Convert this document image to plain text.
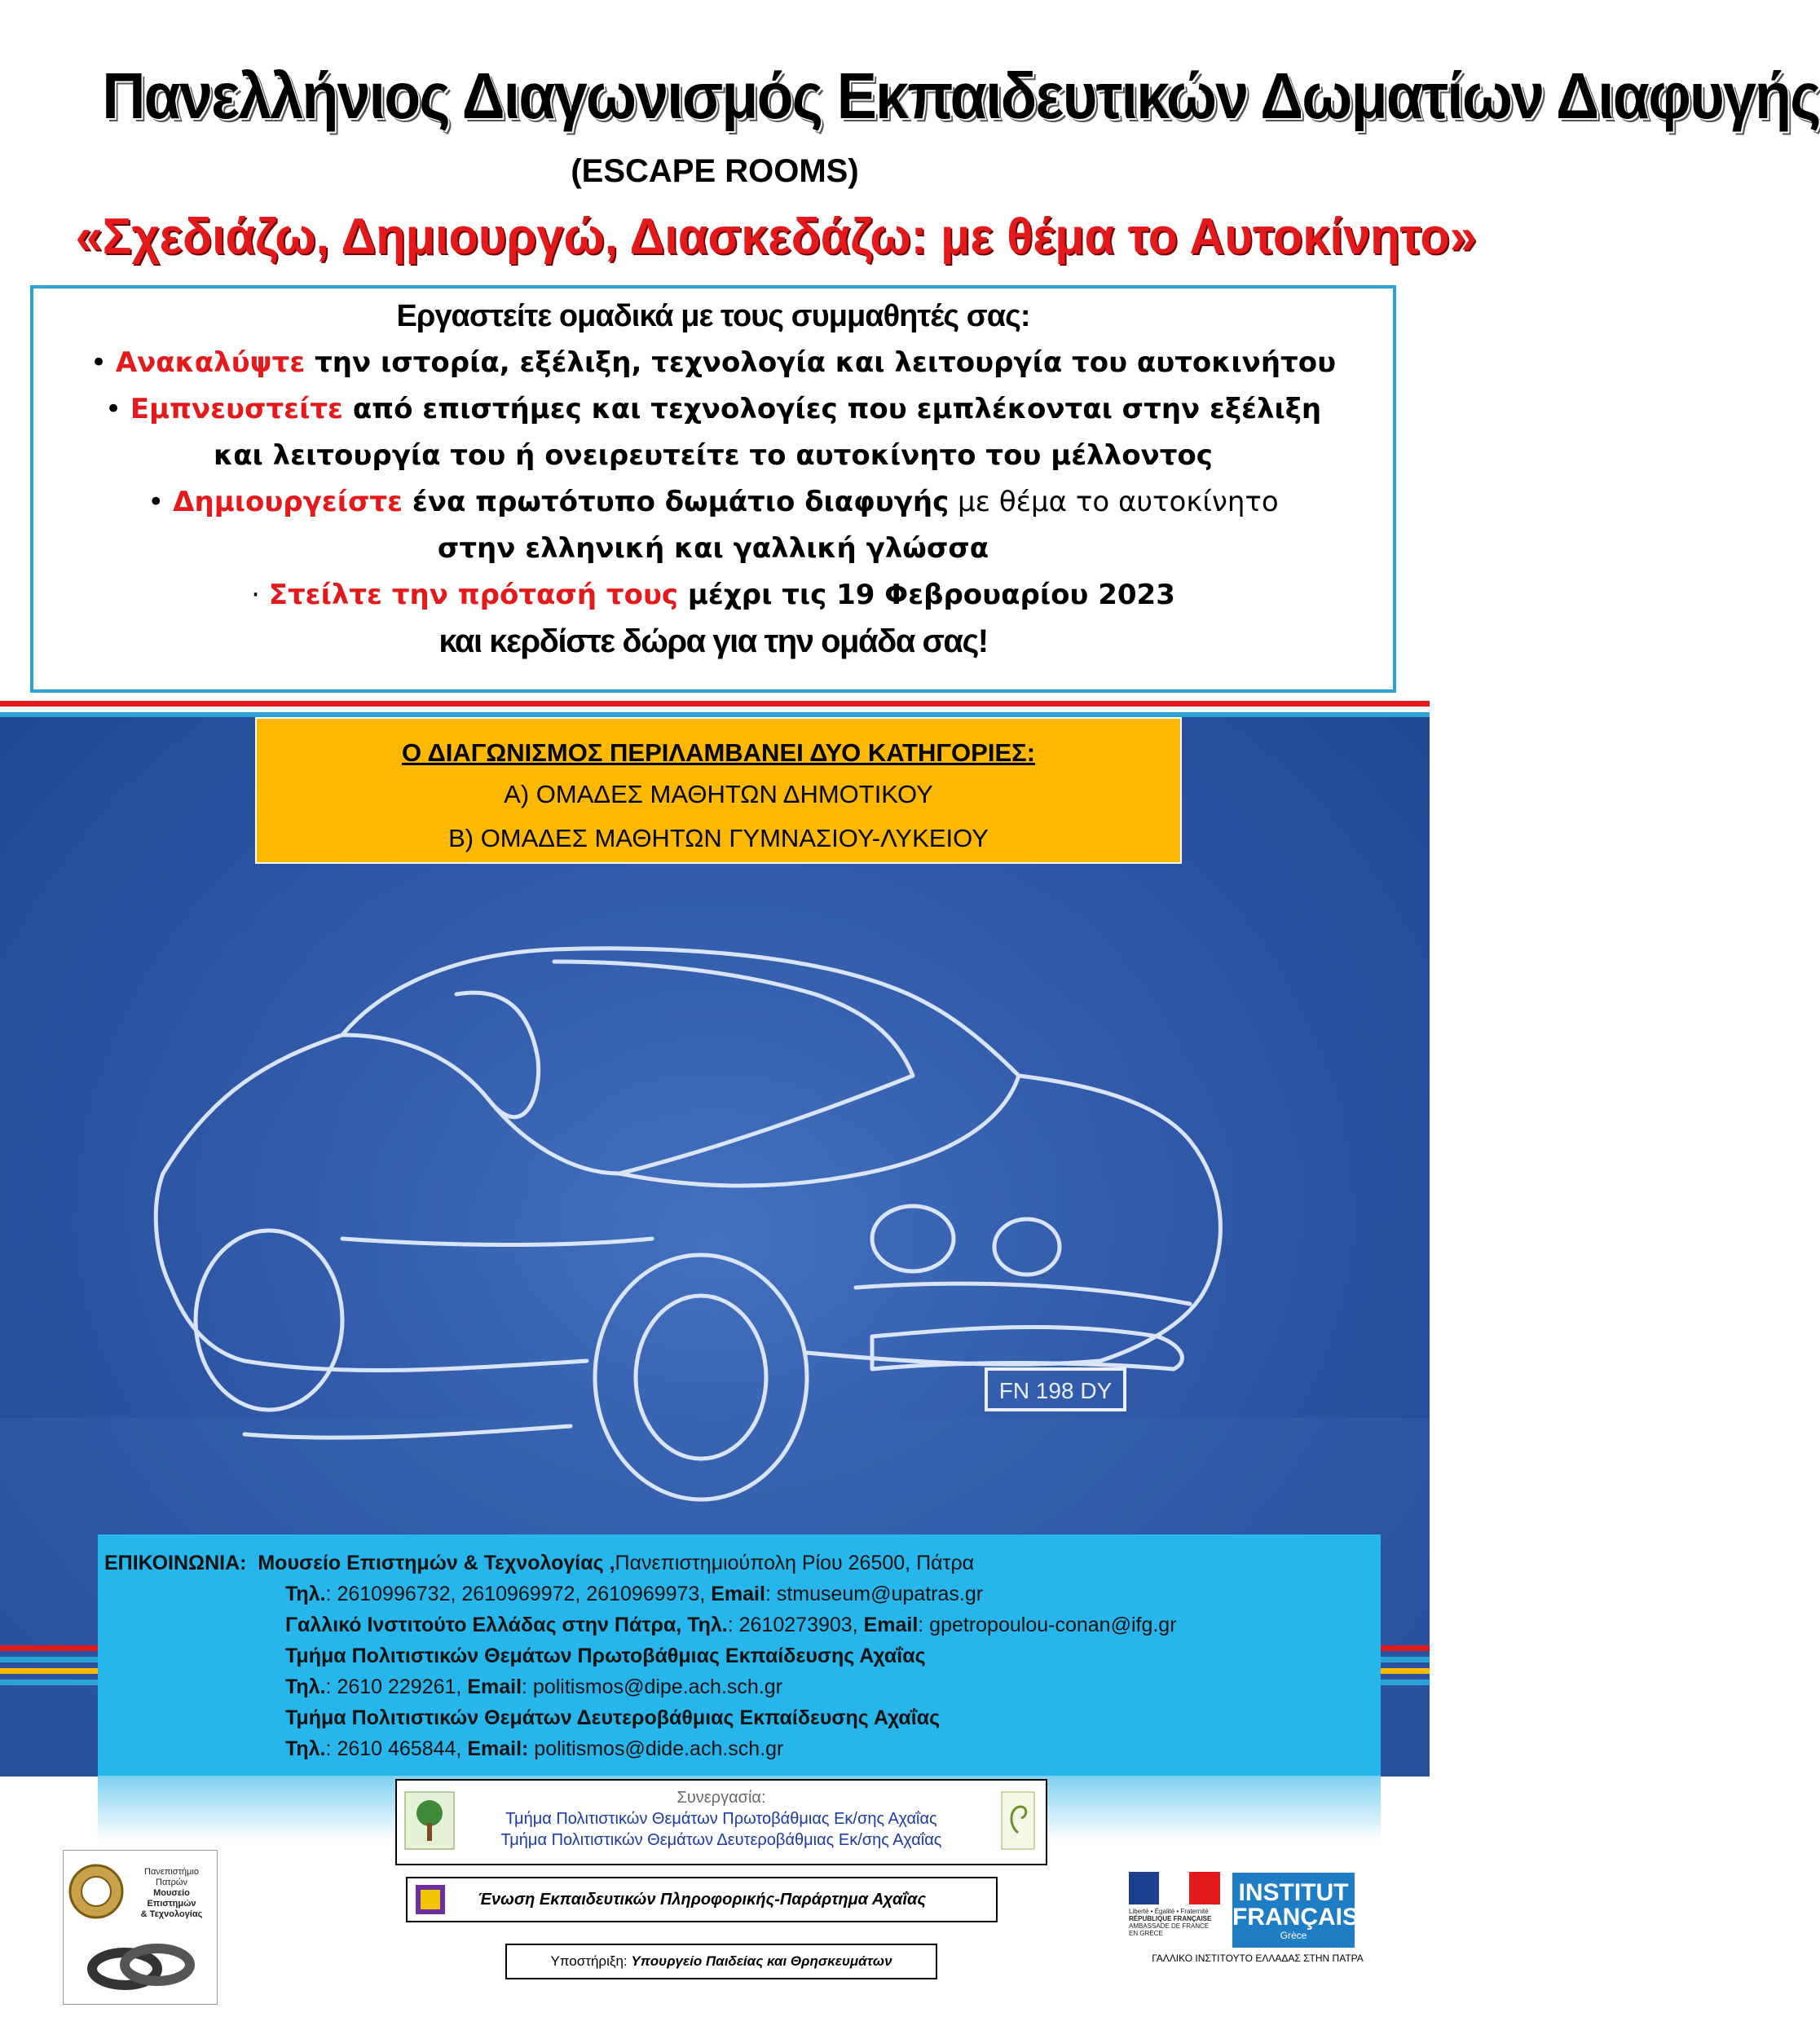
Πανελλήνιος Διαγωνισμός Εκπαιδευτικών Δωματίων Διαφυγής
(ESCAPE ROOMS)
«Σχεδιάζω, Δημιουργώ, Διασκεδάζω: με θέμα το Αυτοκίνητο»
Εργαστείτε ομαδικά με τους συμμαθητές σας:
• Ανακαλύψτε την ιστορία, εξέλιξη, τεχνολογία και λειτουργία του αυτοκινήτου
• Εμπνευστείτε από επιστήμες και τεχνολογίες που εμπλέκονται στην εξέλιξη
και λειτουργία του ή ονειρευτείτε το αυτοκίνητο του μέλλοντος
• Δημιουργείστε ένα πρωτότυπο δωμάτιο διαφυγής με θέμα το αυτοκίνητο
στην ελληνική και γαλλική γλώσσα
· Στείλτε την πρότασή τους μέχρι τις 19 Φεβρουαρίου 2023
και κερδίστε δώρα για την ομάδα σας!
FN 198 DY
Ο ΔΙΑΓΩΝΙΣΜΟΣ ΠΕΡΙΛΑΜΒΑΝΕΙ ΔΥΟ ΚΑΤΗΓΟΡΙΕΣ:
Α) ΟΜΑΔΕΣ ΜΑΘΗΤΩΝ ΔΗΜΟΤΙΚΟΥ
Β) ΟΜΑΔΕΣ ΜΑΘΗΤΩΝ ΓΥΜΝΑΣΙΟΥ-ΛΥΚΕΙΟΥ
ΕΠΙΚΟΙΝΩΝΙΑ: Μουσείο Επιστημών & Τεχνολογίας ,Πανεπιστημιούπολη Ρίου 26500, Πάτρα
Τηλ.: 2610996732, 2610969972, 2610969973, Email: stmuseum@upatras.gr
Γαλλικό Ινστιτούτο Ελλάδας στην Πάτρα, Τηλ.: 2610273903, Email: gpetropoulou-conan@ifg.gr
Τμήμα Πολιτιστικών Θεμάτων Πρωτοβάθμιας Εκπαίδευσης Αχαΐας
Τηλ.: 2610 229261, Email: politismos@dipe.ach.sch.gr
Τμήμα Πολιτιστικών Θεμάτων Δευτεροβάθμιας Εκπαίδευσης Αχαΐας
Τηλ.: 2610 465844, Email: politismos@dide.ach.sch.gr
Συνεργασία:
Τμήμα Πολιτιστικών Θεμάτων Πρωτοβάθμιας Εκ/σης Αχαΐας
Τμήμα Πολιτιστικών Θεμάτων Δευτεροβάθμιας Εκ/σης Αχαΐας
Ένωση Εκπαιδευτικών Πληροφορικής-Παράρτημα Αχαΐας
Υποστήριξη: Υπουργείο Παιδείας και Θρησκευμάτων
Πανεπιστήμιο Πατρών
Μουσείο Επιστημών
& Τεχνολογίας	Liberté • Égalité • Fraternité
RÉPUBLIQUE FRANÇAISE
AMBASSADE DE FRANCE
EN GRÈCE
INSTITUT
FRANÇAIS
Grèce
ΓΑΛΛΙΚΟ ΙΝΣΤΙΤΟΥΤΟ ΕΛΛΑΔΑΣ ΣΤΗΝ ΠΑΤΡΑ
